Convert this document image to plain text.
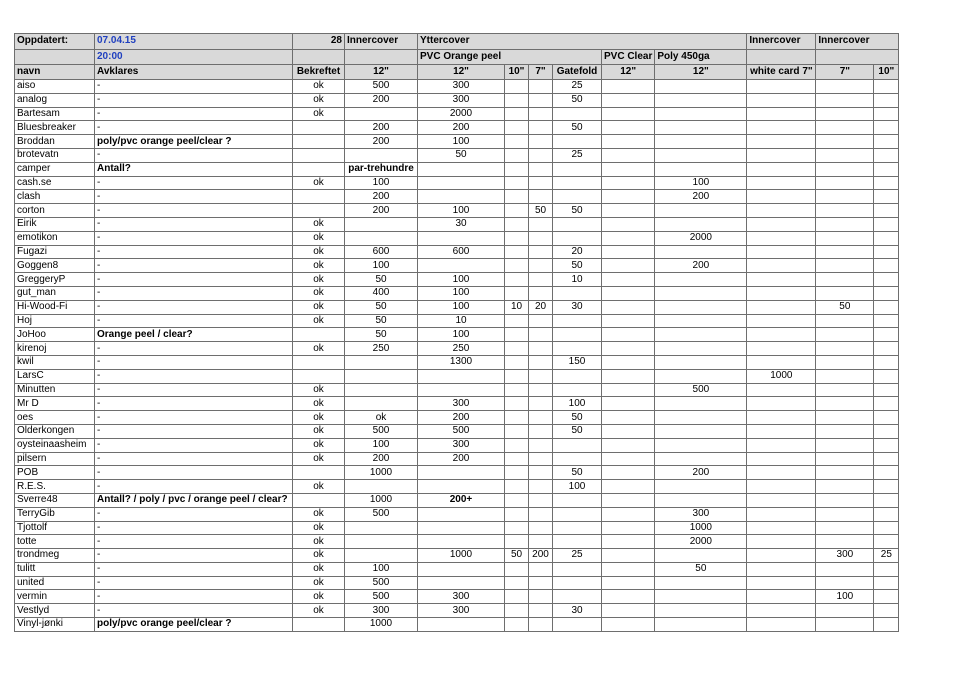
Oppdatert:	07.04.15	28	Innercover	Yttercover						Innercover	Innercover	
	20:00			PVC Orange peel				PVC Clear	Poly 450ga			
navn	Avklares	Bekreftet	12"	12"	10"	7"	Gatefold	12"	12"	white card 7"	7"	10"
aiso	-	ok	500	300			25					
analog	-	ok	200	300			50					
Bartesam	-	ok		2000								
Bluesbreaker	-		200	200			50					
Broddan	poly/pvc orange peel/clear ?		200	100								
brotevatn	-			50			25					
camper	Antall?		par-trehundre									
cash.se	-	ok	100						100			
clash	-		200						200			
corton	-		200	100		50	50					
Eirik	-	ok		30								
emotikon	-	ok							2000			
Fugazi	-	ok	600	600			20					
Goggen8	-	ok	100				50		200			
GreggeryP	-	ok	50	100			10					
gut_man	-	ok	400	100								
Hi-Wood-Fi	-	ok	50	100	10	20	30				50	
Hoj	-	ok	50	10								
JoHoo	Orange peel / clear?		50	100								
kirenoj	-	ok	250	250								
kwil	-			1300			150					
LarsC	-									1000		
Minutten	-	ok							500			
Mr D	-	ok		300			100					
oes	-	ok	ok	200			50					
Olderkongen	-	ok	500	500			50					
oysteinaasheim	-	ok	100	300								
pilsern	-	ok	200	200								
POB	-		1000				50		200			
R.E.S.	-	ok					100					
Sverre48	Antall? / poly / pvc / orange peel / clear?		1000	200+								
TerryGib	-	ok	500						300			
Tjottolf	-	ok							1000			
totte	-	ok							2000			
trondmeg	-	ok		1000	50	200	25				300	25
tulitt	-	ok	100						50			
united	-	ok	500									
vermin	-	ok	500	300							100	
Vestlyd	-	ok	300	300			30					
Vinyl-jønki	poly/pvc orange peel/clear ?		1000									
